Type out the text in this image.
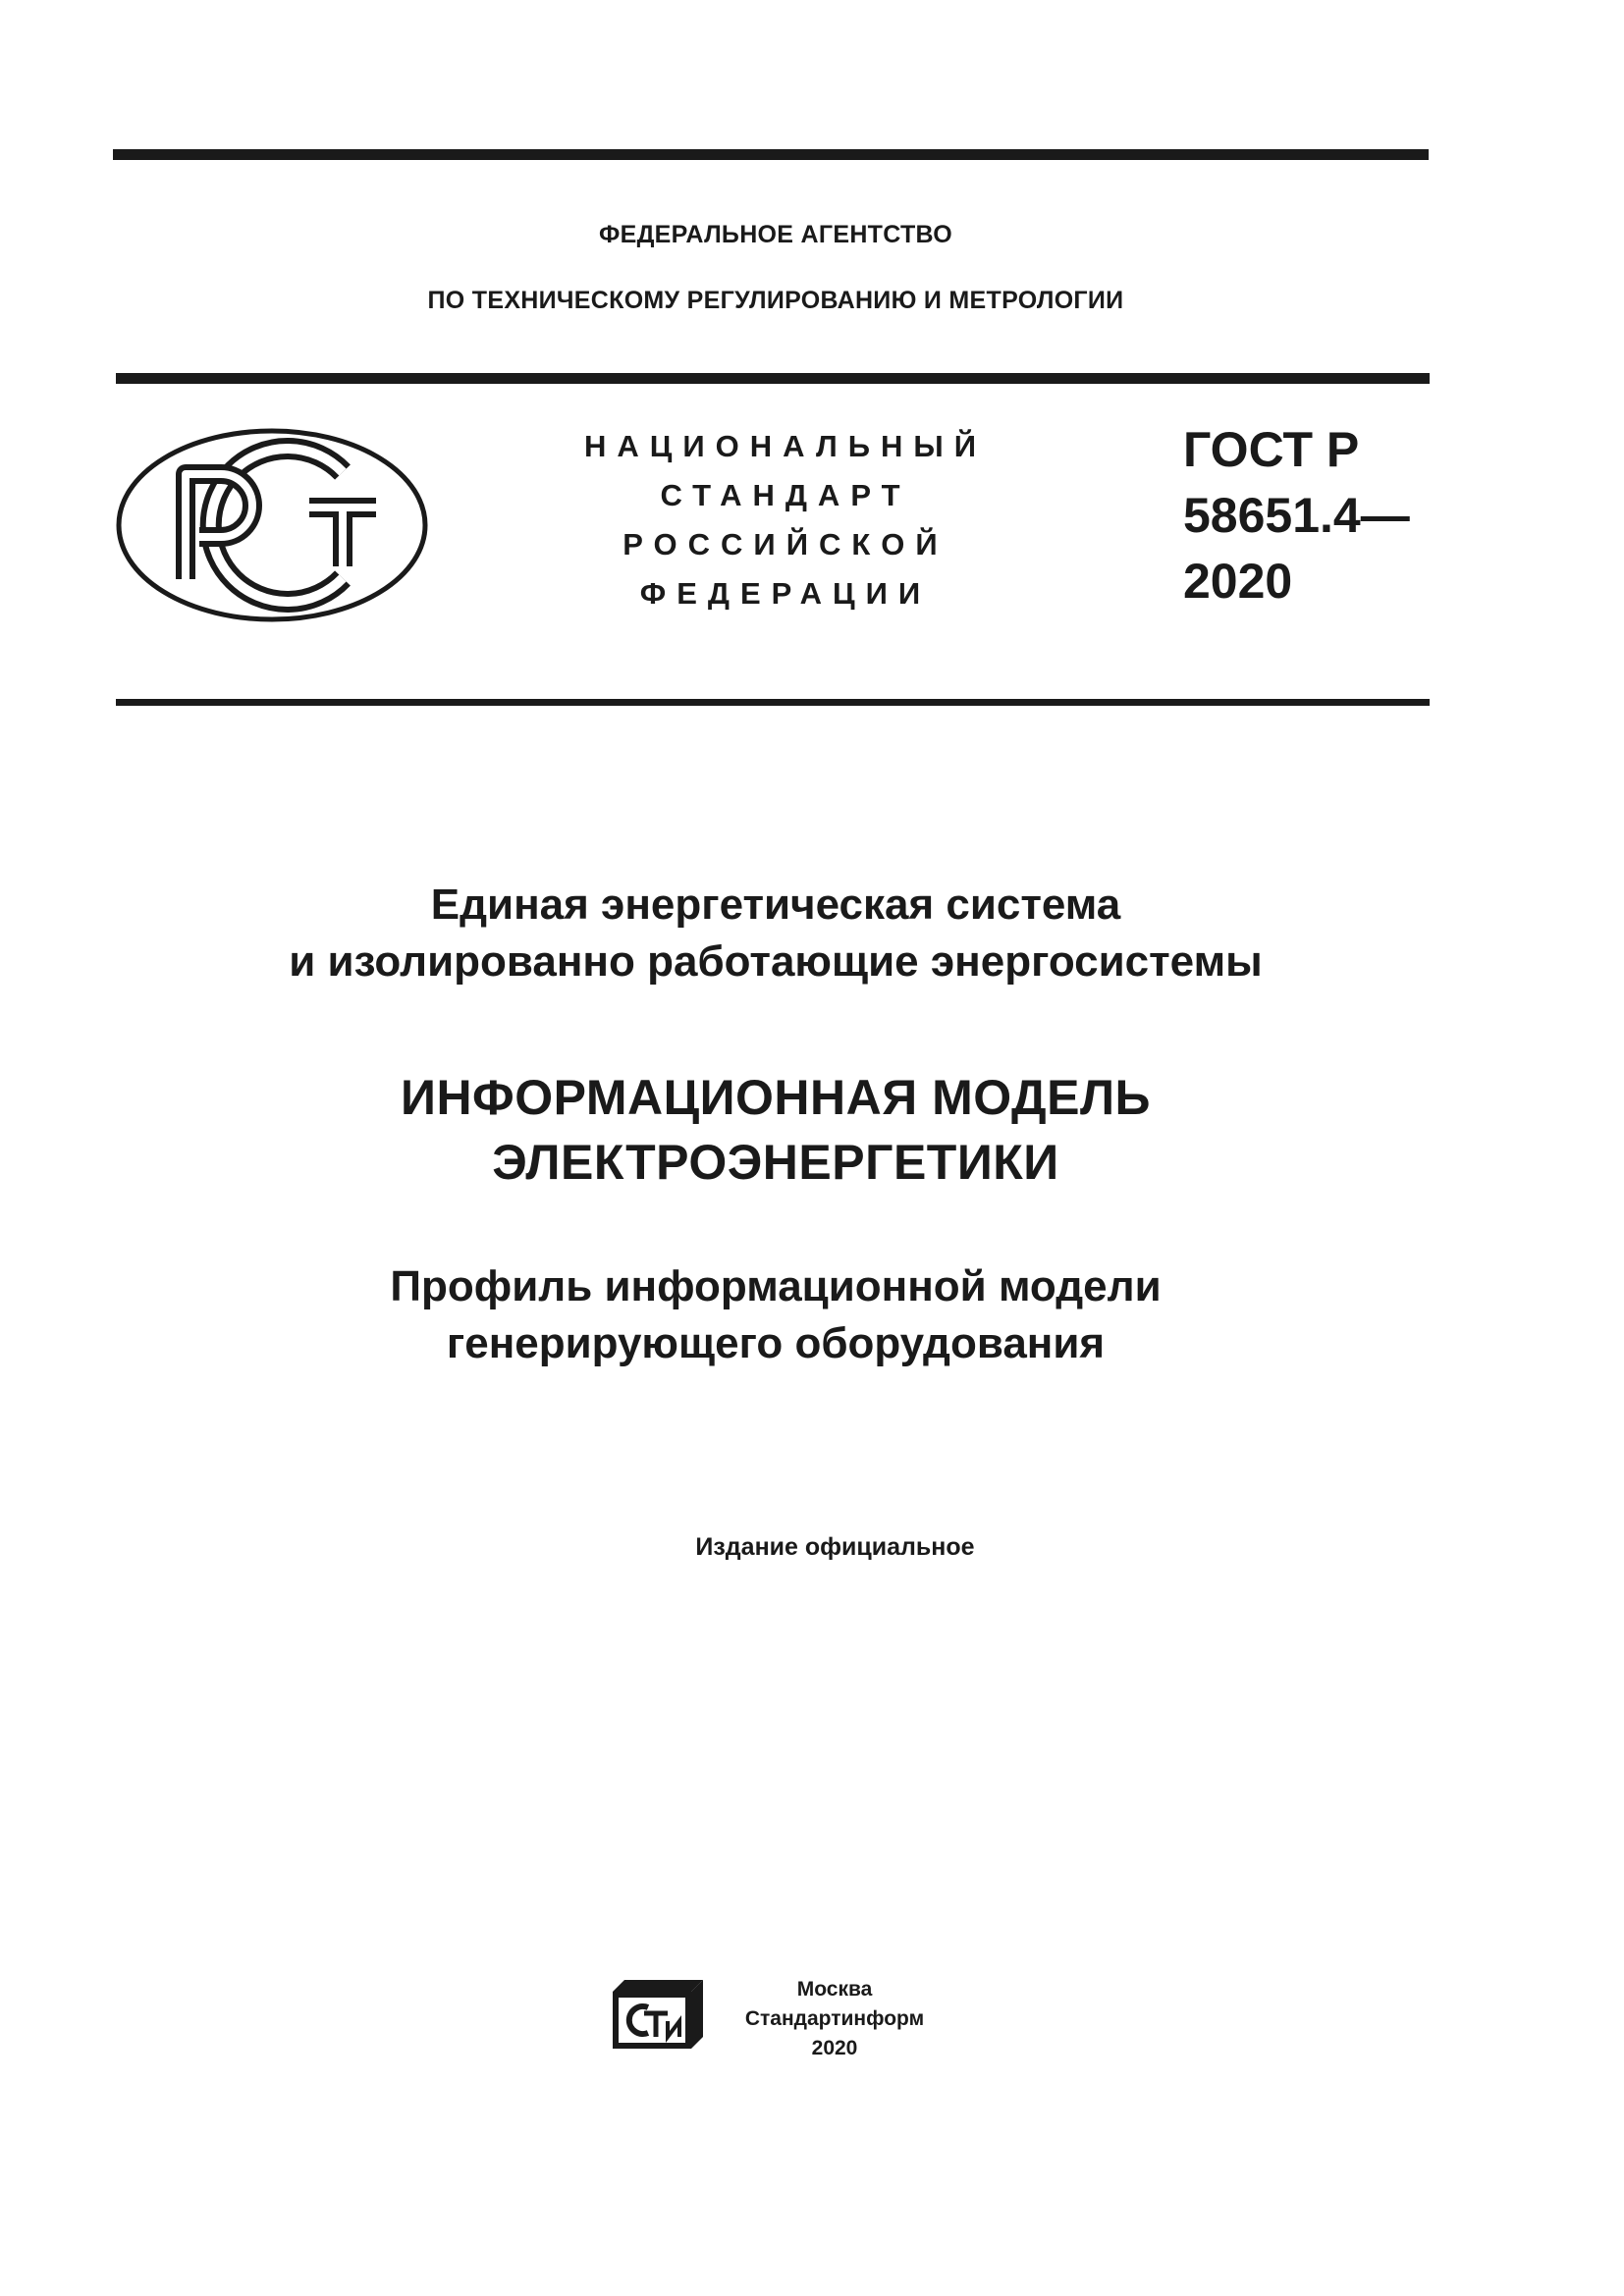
ФЕДЕРАЛЬНОЕ АГЕНТСТВО
ПО ТЕХНИЧЕСКОМУ РЕГУЛИРОВАНИЮ И МЕТРОЛОГИИ
НАЦИОНАЛЬНЫЙ
СТАНДАРТ
РОССИЙСКОЙ
ФЕДЕРАЦИИ
ГОСТ Р
58651.4—
2020
Единая энергетическая система
и изолированно работающие энергосистемы
ИНФОРМАЦИОННАЯ МОДЕЛЬ
ЭЛЕКТРОЭНЕРГЕТИКИ
Профиль информационной модели
генерирующего оборудования
Издание официальное
Москва
Стандартинформ
2020
